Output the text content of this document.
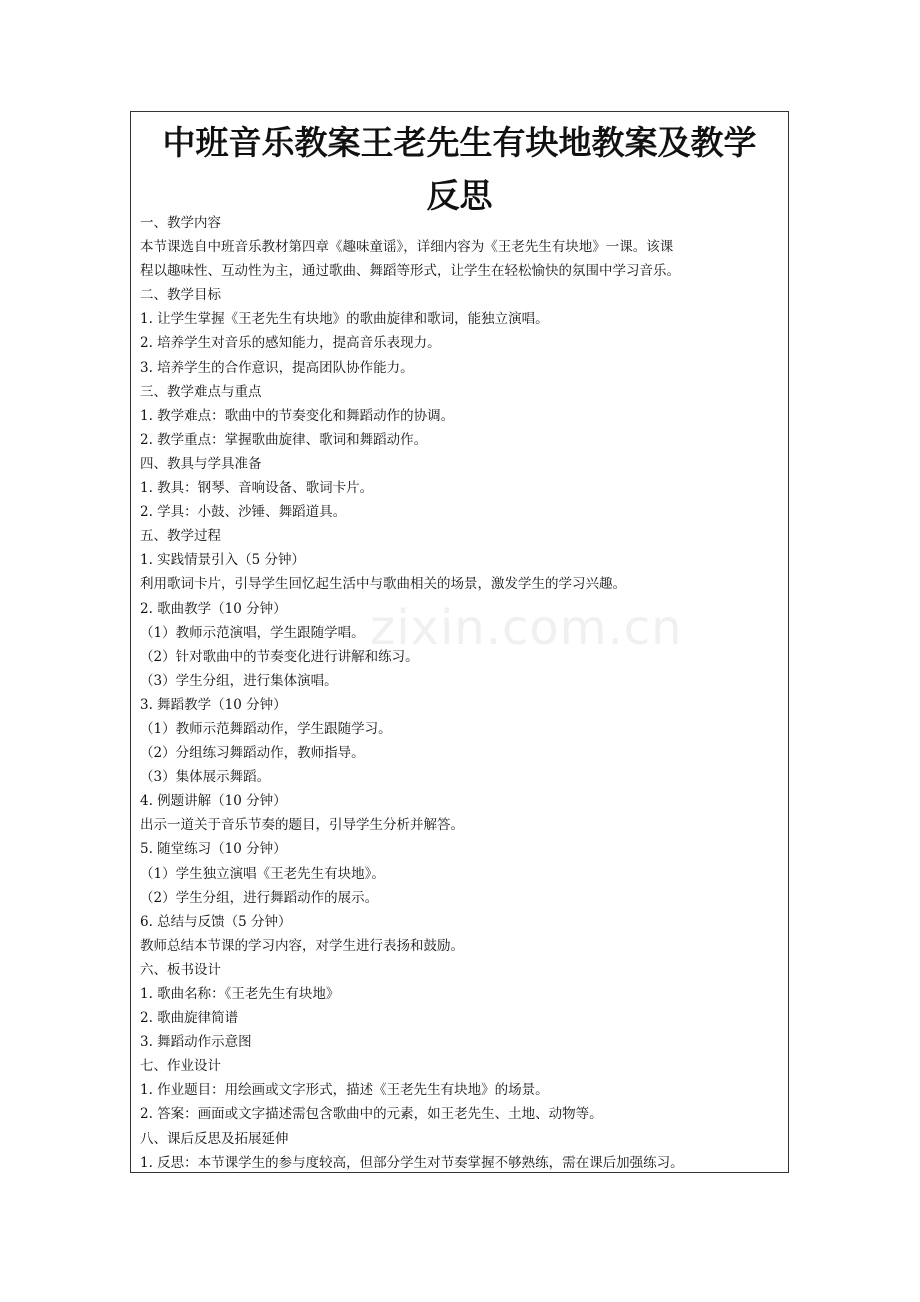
中班音乐教案王老先生有块地教案及教学
反思
一、教学内容
本节课选自中班音乐教材第四章《趣味童谣》，详细内容为《王老先生有块地》一课。该课
程以趣味性、互动性为主，通过歌曲、舞蹈等形式，让学生在轻松愉快的氛围中学习音乐。
二、教学目标
1. 让学生掌握《王老先生有块地》的歌曲旋律和歌词，能独立演唱。
2. 培养学生对音乐的感知能力，提高音乐表现力。
3. 培养学生的合作意识，提高团队协作能力。
三、教学难点与重点
1. 教学难点：歌曲中的节奏变化和舞蹈动作的协调。
2. 教学重点：掌握歌曲旋律、歌词和舞蹈动作。
四、教具与学具准备
1. 教具：钢琴、音响设备、歌词卡片。
2. 学具：小鼓、沙锤、舞蹈道具。
五、教学过程
1. 实践情景引入（5 分钟）
利用歌词卡片，引导学生回忆起生活中与歌曲相关的场景，激发学生的学习兴趣。
2. 歌曲教学（10 分钟）
（1）教师示范演唱，学生跟随学唱。
（2）针对歌曲中的节奏变化进行讲解和练习。
（3）学生分组，进行集体演唱。
3. 舞蹈教学（10 分钟）
（1）教师示范舞蹈动作，学生跟随学习。
（2）分组练习舞蹈动作，教师指导。
（3）集体展示舞蹈。
4. 例题讲解（10 分钟）
出示一道关于音乐节奏的题目，引导学生分析并解答。
5. 随堂练习（10 分钟）
（1）学生独立演唱《王老先生有块地》。
（2）学生分组，进行舞蹈动作的展示。
6. 总结与反馈（5 分钟）
教师总结本节课的学习内容，对学生进行表扬和鼓励。
六、板书设计
1. 歌曲名称：《王老先生有块地》
2. 歌曲旋律简谱
3. 舞蹈动作示意图
七、作业设计
1. 作业题目：用绘画或文字形式，描述《王老先生有块地》的场景。
2. 答案：画面或文字描述需包含歌曲中的元素，如王老先生、土地、动物等。
八、课后反思及拓展延伸
1. 反思：本节课学生的参与度较高，但部分学生对节奏掌握不够熟练，需在课后加强练习。
zixin.com.cn
